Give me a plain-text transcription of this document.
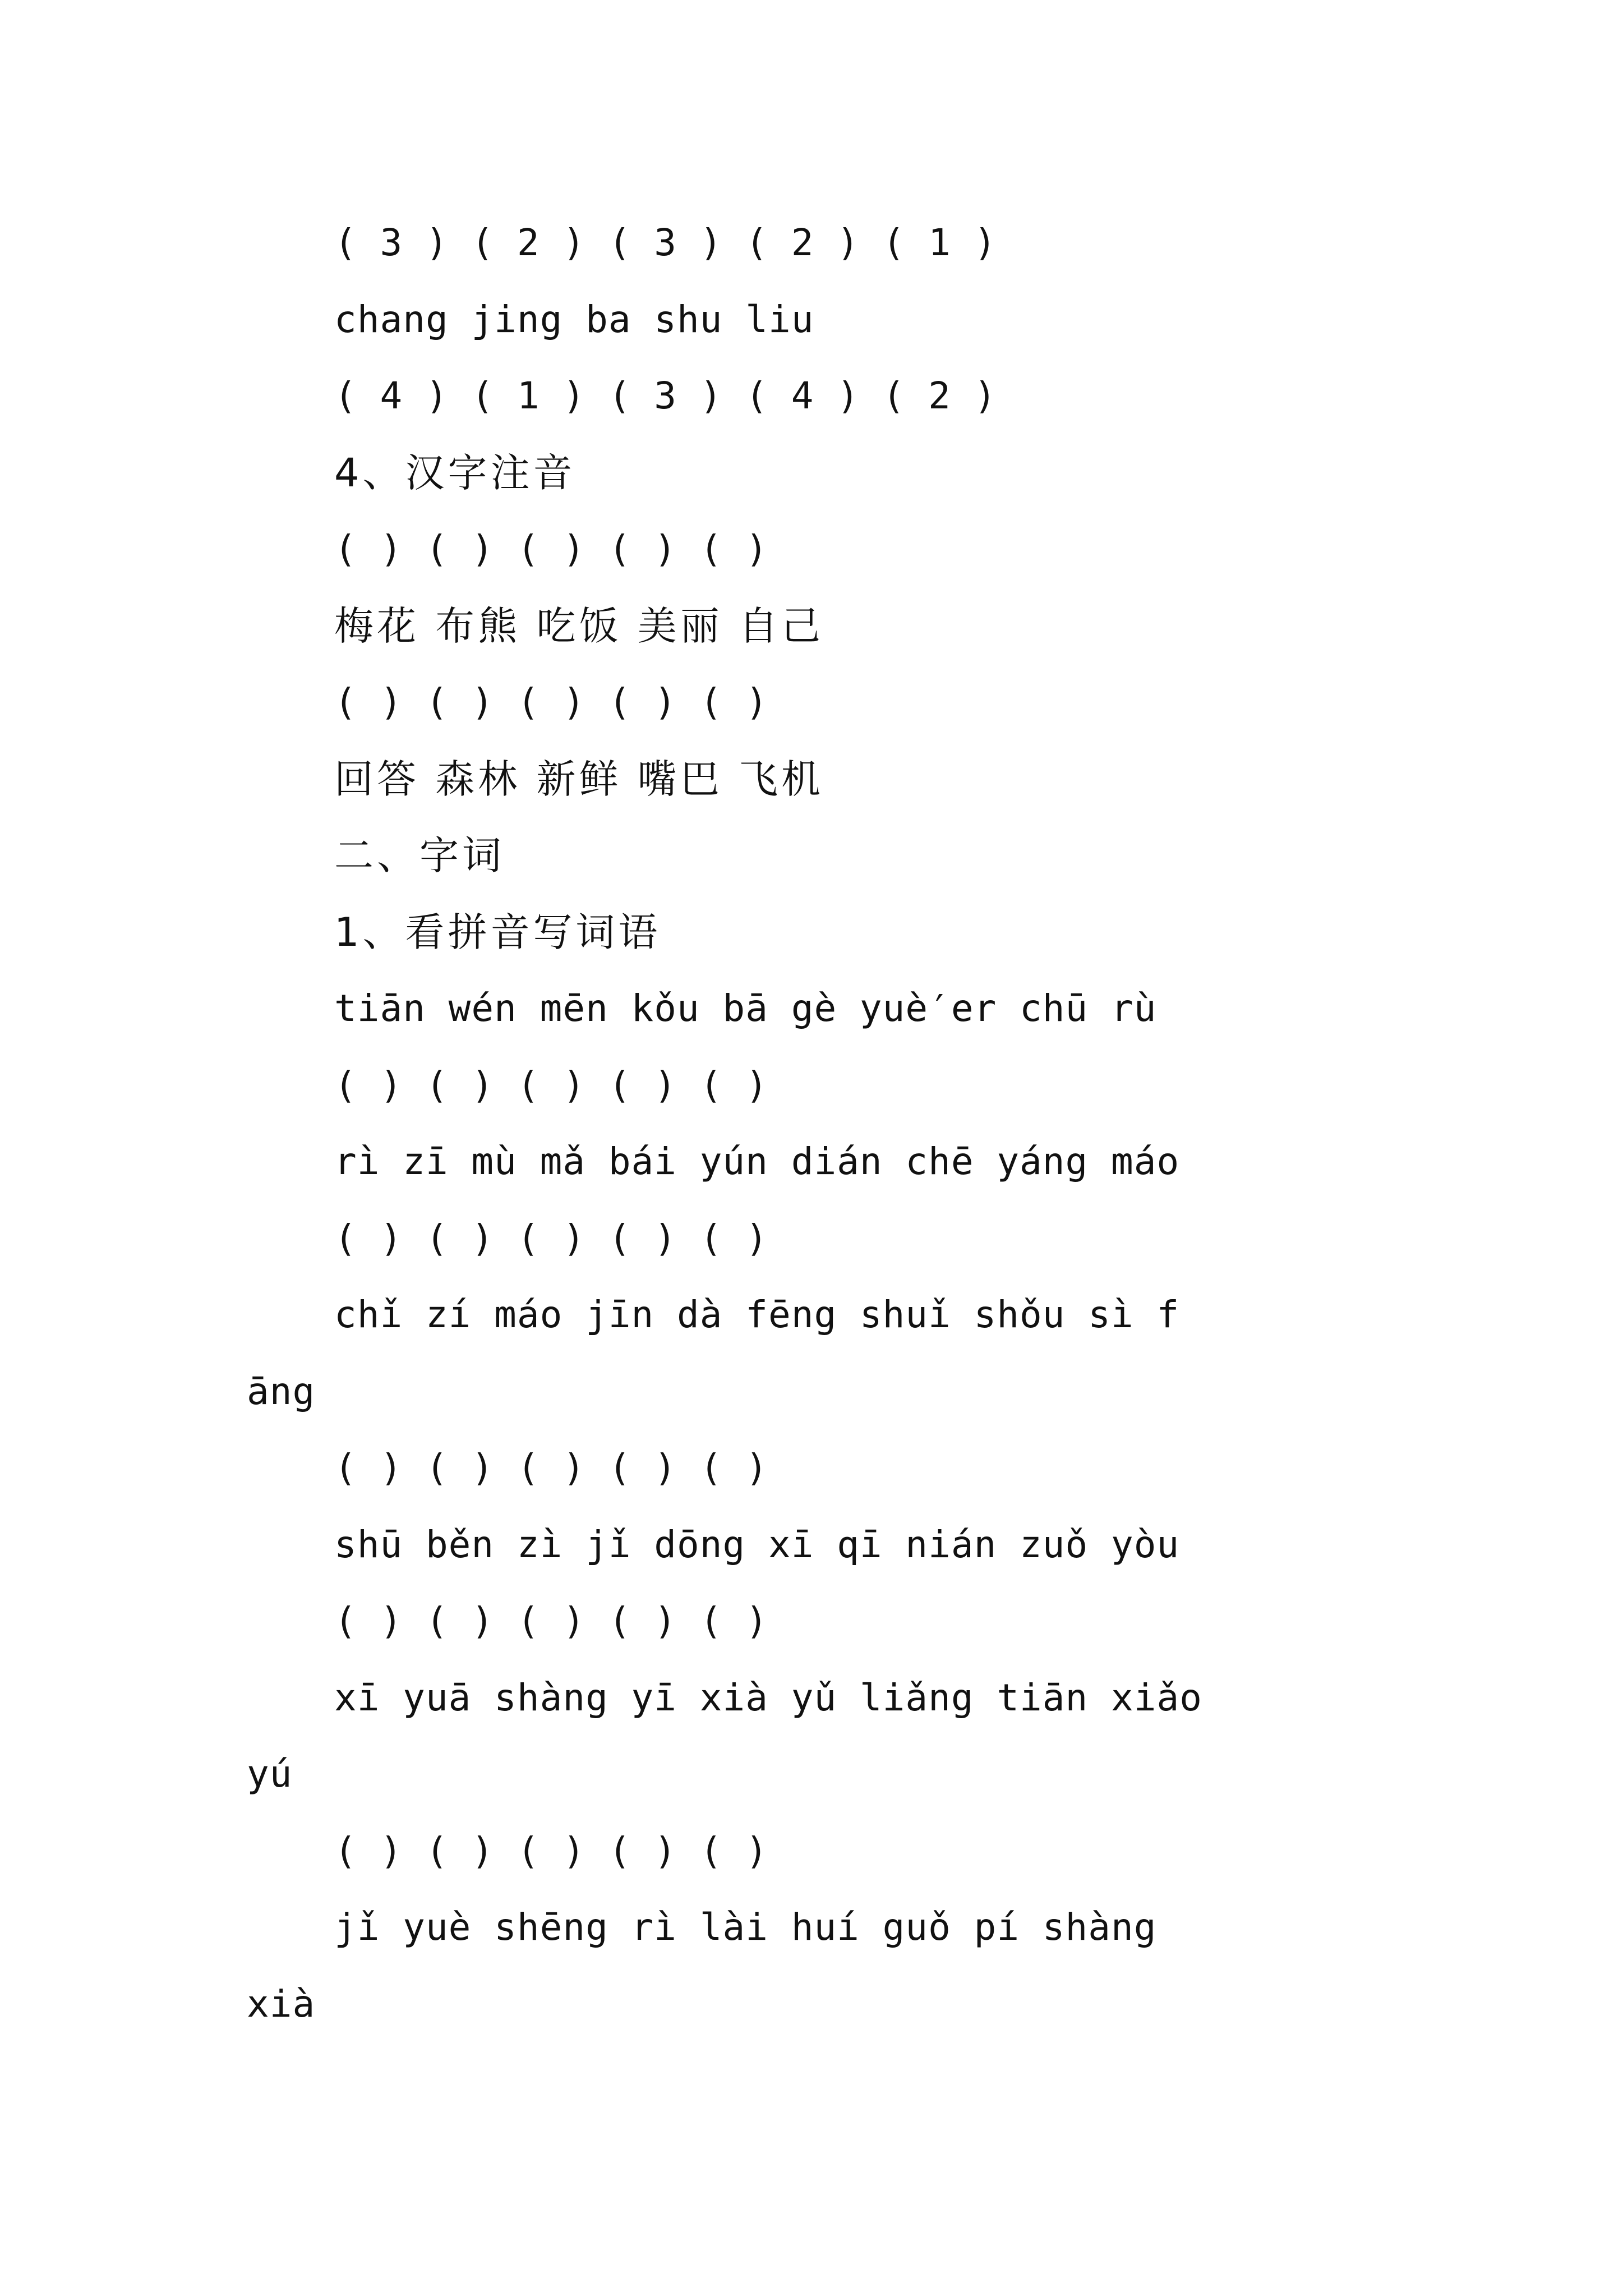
( 3 ) ( 2 ) ( 3 ) ( 2 ) ( 1 )
chang jing ba shu liu
( 4 ) ( 1 ) ( 3 ) ( 4 ) ( 2 )
4、汉字注音
( ) ( ) ( ) ( ) ( )
梅花 布熊 吃饭 美丽 自己
( ) ( ) ( ) ( ) ( )
回答 森林 新鲜 嘴巴 飞机
二、字词
1、看拼音写词语
tiān wén mēn kǒu bā gè yuè′er chū rù
( ) ( ) ( ) ( ) ( )
rì zī mù mǎ bái yún dián chē yáng máo
( ) ( ) ( ) ( ) ( )
chǐ zí máo jīn dà fēng shuǐ shǒu sì f
āng
( ) ( ) ( ) ( ) ( )
shū běn zì jǐ dōng xī qī nián zuǒ yòu
( ) ( ) ( ) ( ) ( )
xī yuā shàng yī xià yǔ liǎng tiān xiǎo
yú
( ) ( ) ( ) ( ) ( )
jǐ yuè shēng rì lài huí guǒ pí shàng
xià
